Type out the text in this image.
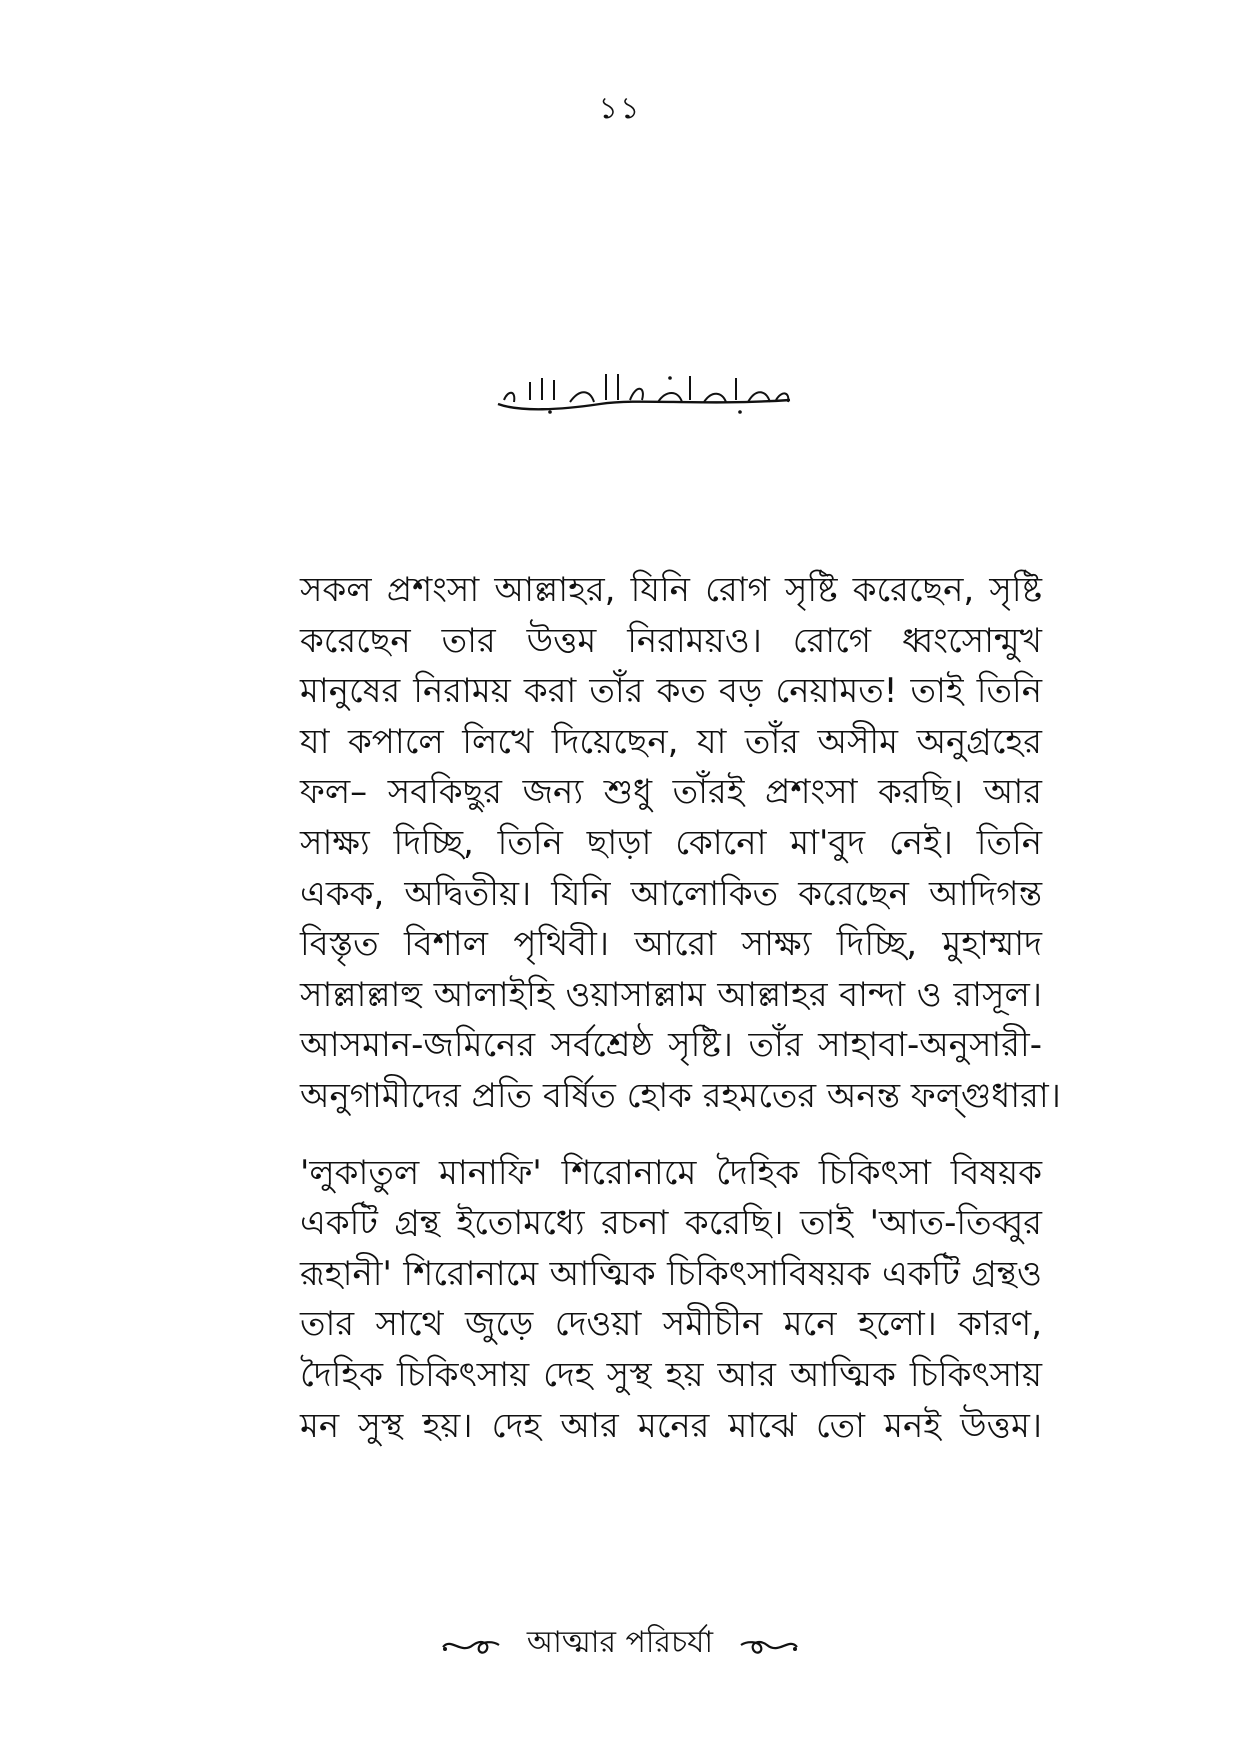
১১

সকল প্রশংসা আল্লাহর, যিনি রোগ সৃষ্টি করেছেন, সৃষ্টি
করেছেন তার উত্তম নিরাময়ও। রোগে ধ্বংসোন্মুখ
মানুষের নিরাময় করা তাঁর কত বড় নেয়ামত! তাই তিনি
যা কপালে লিখে দিয়েছেন, যা তাঁর অসীম অনুগ্রহের
ফল– সবকিছুর জন্য শুধু তাঁরই প্রশংসা করছি। আর
সাক্ষ্য দিচ্ছি, তিনি ছাড়া কোনো মা'বুদ নেই। তিনি
একক, অদ্বিতীয়। যিনি আলোকিত করেছেন আদিগন্ত
বিস্তৃত বিশাল পৃথিবী। আরো সাক্ষ্য দিচ্ছি, মুহাম্মাদ
সাল্লাল্লাহু আলাইহি ওয়াসাল্লাম আল্লাহর বান্দা ও রাসূল।
আসমান-জমিনের সর্বশ্রেষ্ঠ সৃষ্টি। তাঁর সাহাবা-অনুসারী-
অনুগামীদের প্রতি বর্ষিত হোক রহমতের অনন্ত ফল্গুধারা।

'লুকাতুল মানাফি' শিরোনামে দৈহিক চিকিৎসা বিষয়ক
একটি গ্রন্থ ইতোমধ্যে রচনা করেছি। তাই 'আত-তিব্বুর
রূহানী' শিরোনামে আত্মিক চিকিৎসাবিষয়ক একটি গ্রন্থও
তার সাথে জুড়ে দেওয়া সমীচীন মনে হলো। কারণ,
দৈহিক চিকিৎসায় দেহ সুস্থ হয় আর আত্মিক চিকিৎসায়
মন সুস্থ হয়। দেহ আর মনের মাঝে তো মনই উত্তম।

আত্মার পরিচর্যা
